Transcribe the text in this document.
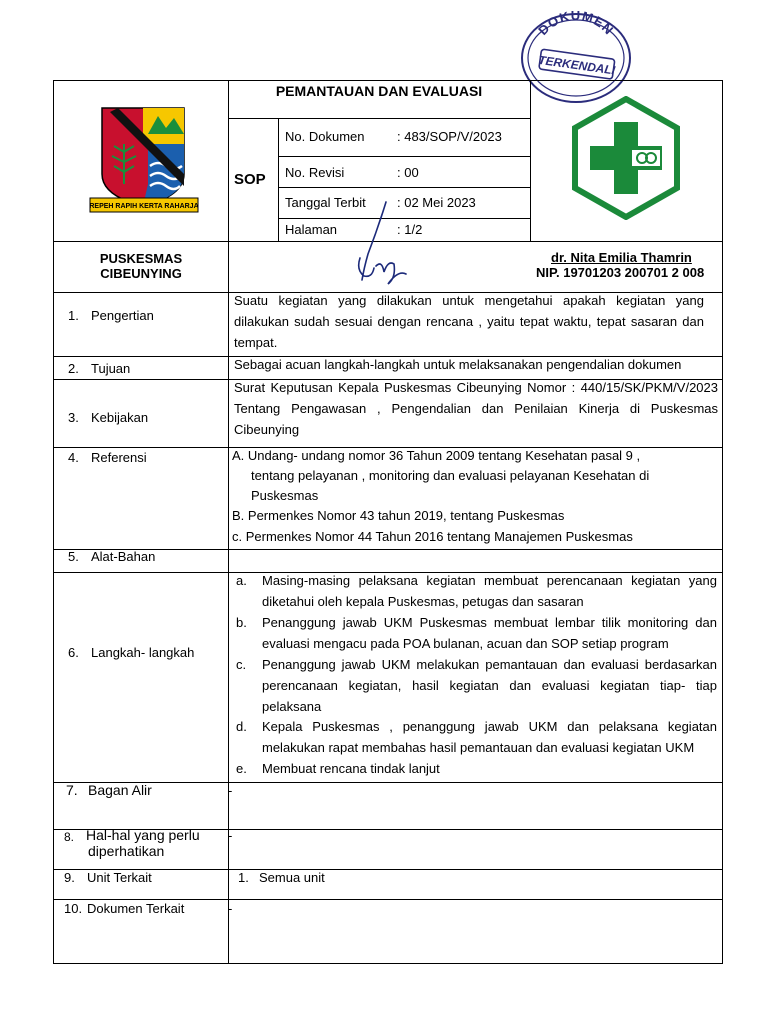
DOKUMEN
TERKENDALI
REPEH RAPIH KERTA RAHARJA
PEMANTAUAN DAN EVALUASI
SOP
No. Dokumen	: 483/SOP/V/2023
No. Revisi	: 00
Tanggal Terbit : 02 Mei 2023
Halaman	: 1/2
PUSKESMAS
CIBEUNYING
dr. Nita Emilia Thamrin
NIP. 19701203 200701 2 008
1. Pengertian
Suatu kegiatan yang dilakukan untuk mengetahui apakah kegiatan yang dilakukan sudah sesuai dengan rencana , yaitu tepat waktu, tepat sasaran dan tempat.
2. Tujuan	Sebagai acuan langkah-langkah untuk melaksanakan pengendalian dokumen
3. Kebijakan
Surat Keputusan Kepala Puskesmas Cibeunying Nomor : 440/15/SK/PKM/V/2023 Tentang Pengawasan , Pengendalian dan Penilaian Kinerja di Puskesmas Cibeunying
4. Referensi	A. Undang- undang nomor 36 Tahun 2009 tentang Kesehatan pasal 9 ,
tentang pelayanan , monitoring dan evaluasi pelayanan Kesehatan di
Puskesmas
B. Permenkes Nomor 43 tahun 2019, tentang Puskesmas
c. Permenkes Nomor 44 Tahun 2016 tentang Manajemen Puskesmas
5. Alat-Bahan
6. Langkah- langkah
a. Masing-masing pelaksana kegiatan membuat perencanaan kegiatan yang diketahui oleh kepala Puskesmas, petugas dan sasaran
b. Penanggung jawab UKM Puskesmas membuat lembar tilik monitoring dan evaluasi mengacu pada POA bulanan, acuan dan SOP setiap program
c. Penanggung jawab UKM melakukan pemantauan dan evaluasi berdasarkan perencanaan kegiatan, hasil kegiatan dan evaluasi kegiatan tiap- tiap pelaksana
d. Kepala Puskesmas , penanggung jawab UKM dan pelaksana kegiatan melakukan rapat membahas hasil pemantauan dan evaluasi kegiatan UKM
e. Membuat rencana tindak lanjut
7. Bagan Alir	-
8. Hal-hal yang perlu
diperhatikan
-
9. Unit Terkait	1. Semua unit
10. Dokumen Terkait	-
